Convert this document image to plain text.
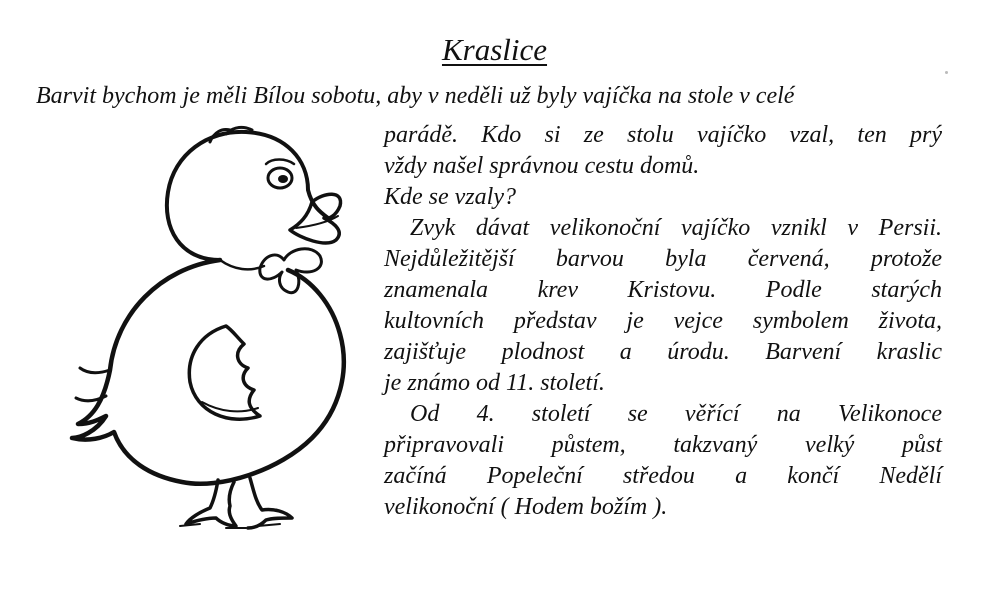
Kraslice
Barvit bychom je měli Bílou sobotu, aby v neděli už byly vajíčka na stole v celé
parádě. Kdo si ze stolu vajíčko vzal, ten prý
vždy našel správnou cestu domů.
Kde se vzaly?
Zvyk dávat velikonoční vajíčko vznikl v Persii.
Nejdůležitější barvou byla červená, protože
znamenala krev Kristovu. Podle starých
kultovních představ je vejce symbolem života,
zajišťuje plodnost a úrodu. Barvení kraslic
je známo od 11. století.
Od 4. století se věřící na Velikonoce
připravovali půstem, takzvaný velký půst
začíná Popeleční středou a končí Nedělí
velikonoční ( Hodem božím ).
